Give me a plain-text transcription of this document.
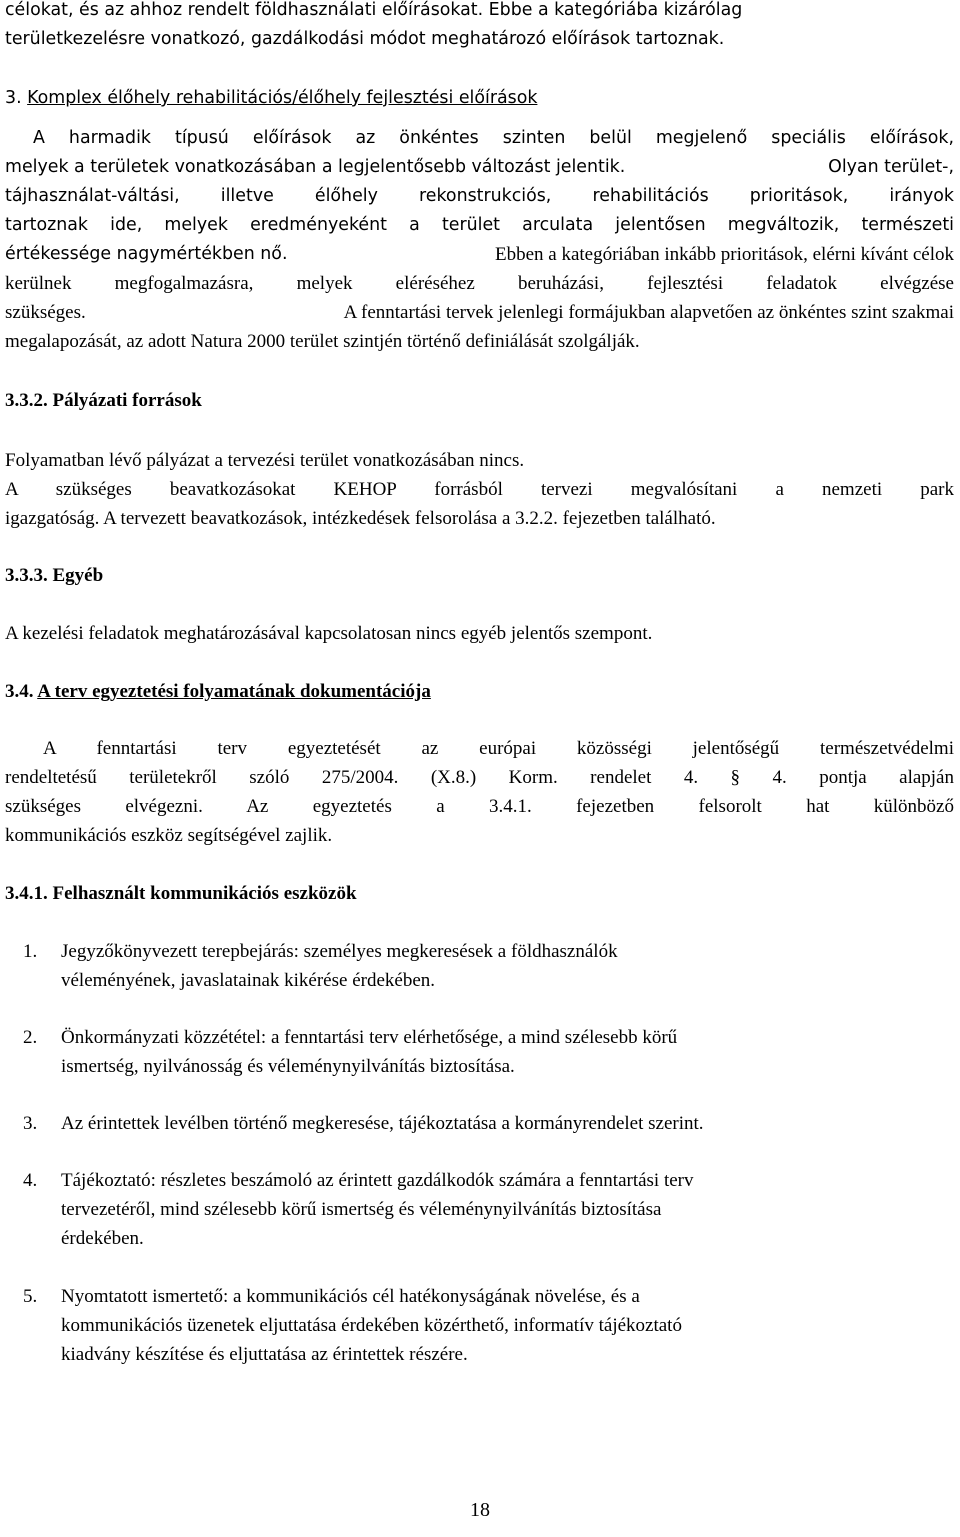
célokat, és az ahhoz rendelt földhasználati előírásokat. Ebbe a kategóriába kizárólag

területkezelésre vonatkozó, gazdálkodási módot meghatározó előírások tartoznak.

3. Komplex élőhely rehabilitációs/élőhely fejlesztési előírások

A harmadik típusú előírások az önkéntes szinten belül megjelenő speciális előírások,

melyek a területek vonatkozásában a legjelentősebb változást jelentik.	Olyan terület-,

tájhasználat-váltási, illetve élőhely rekonstrukciós, rehabilitációs prioritások, irányok

tartoznak ide, melyek eredményeként a terület arculata jelentősen megváltozik, természeti

értékessége nagymértékben nő.	Ebben a kategóriában inkább prioritások, elérni kívánt célok

kerülnek megfogalmazásra, melyek eléréséhez beruházási, fejlesztési feladatok elvégzése

szükséges.	A fenntartási tervek jelenlegi formájukban alapvetően az önkéntes szint szakmai

megalapozását, az adott Natura 2000 terület szintjén történő definiálását szolgálják.

3.3.2. Pályázati források

Folyamatban lévő pályázat a tervezési terület vonatkozásában nincs.

A szükséges beavatkozásokat KEHOP forrásból tervezi megvalósítani a nemzeti park

igazgatóság. A tervezett beavatkozások, intézkedések felsorolása a 3.2.2. fejezetben található.

3.3.3. Egyéb
A kezelési feladatok meghatározásával kapcsolatosan nincs egyéb jelentős szempont.
3.4. A terv egyeztetési folyamatának dokumentációja

A fenntartási terv egyeztetését az európai közösségi jelentőségű természetvédelmi

rendeltetésű területekről szóló 275/2004. (X.8.) Korm. rendelet 4. § 4. pontja alapján

szükséges elvégezni. Az egyeztetés a 3.4.1. fejezetben felsorolt hat különböző

kommunikációs eszköz segítségével zajlik.

3.4.1. Felhasznált kommunikációs eszközök
1. Jegyzőkönyvezett terepbejárás: személyes megkeresések a földhasználók

véleményének, javaslatainak kikérése érdekében.

2. Önkormányzati közzététel: a fenntartási terv elérhetősége, a mind szélesebb körű

ismertség, nyilvánosság és véleménynyilvánítás biztosítása.

3. Az érintettek levélben történő megkeresése, tájékoztatása a kormányrendelet szerint.

4. Tájékoztató: részletes beszámoló az érintett gazdálkodók számára a fenntartási terv

tervezetéről, mind szélesebb körű ismertség és véleménynyilvánítás biztosítása

érdekében.

5. Nyomtatott ismertető: a kommunikációs cél hatékonyságának növelése, és a

kommunikációs üzenetek eljuttatása érdekében közérthető, informatív tájékoztató

kiadvány készítése és eljuttatása az érintettek részére.

18
